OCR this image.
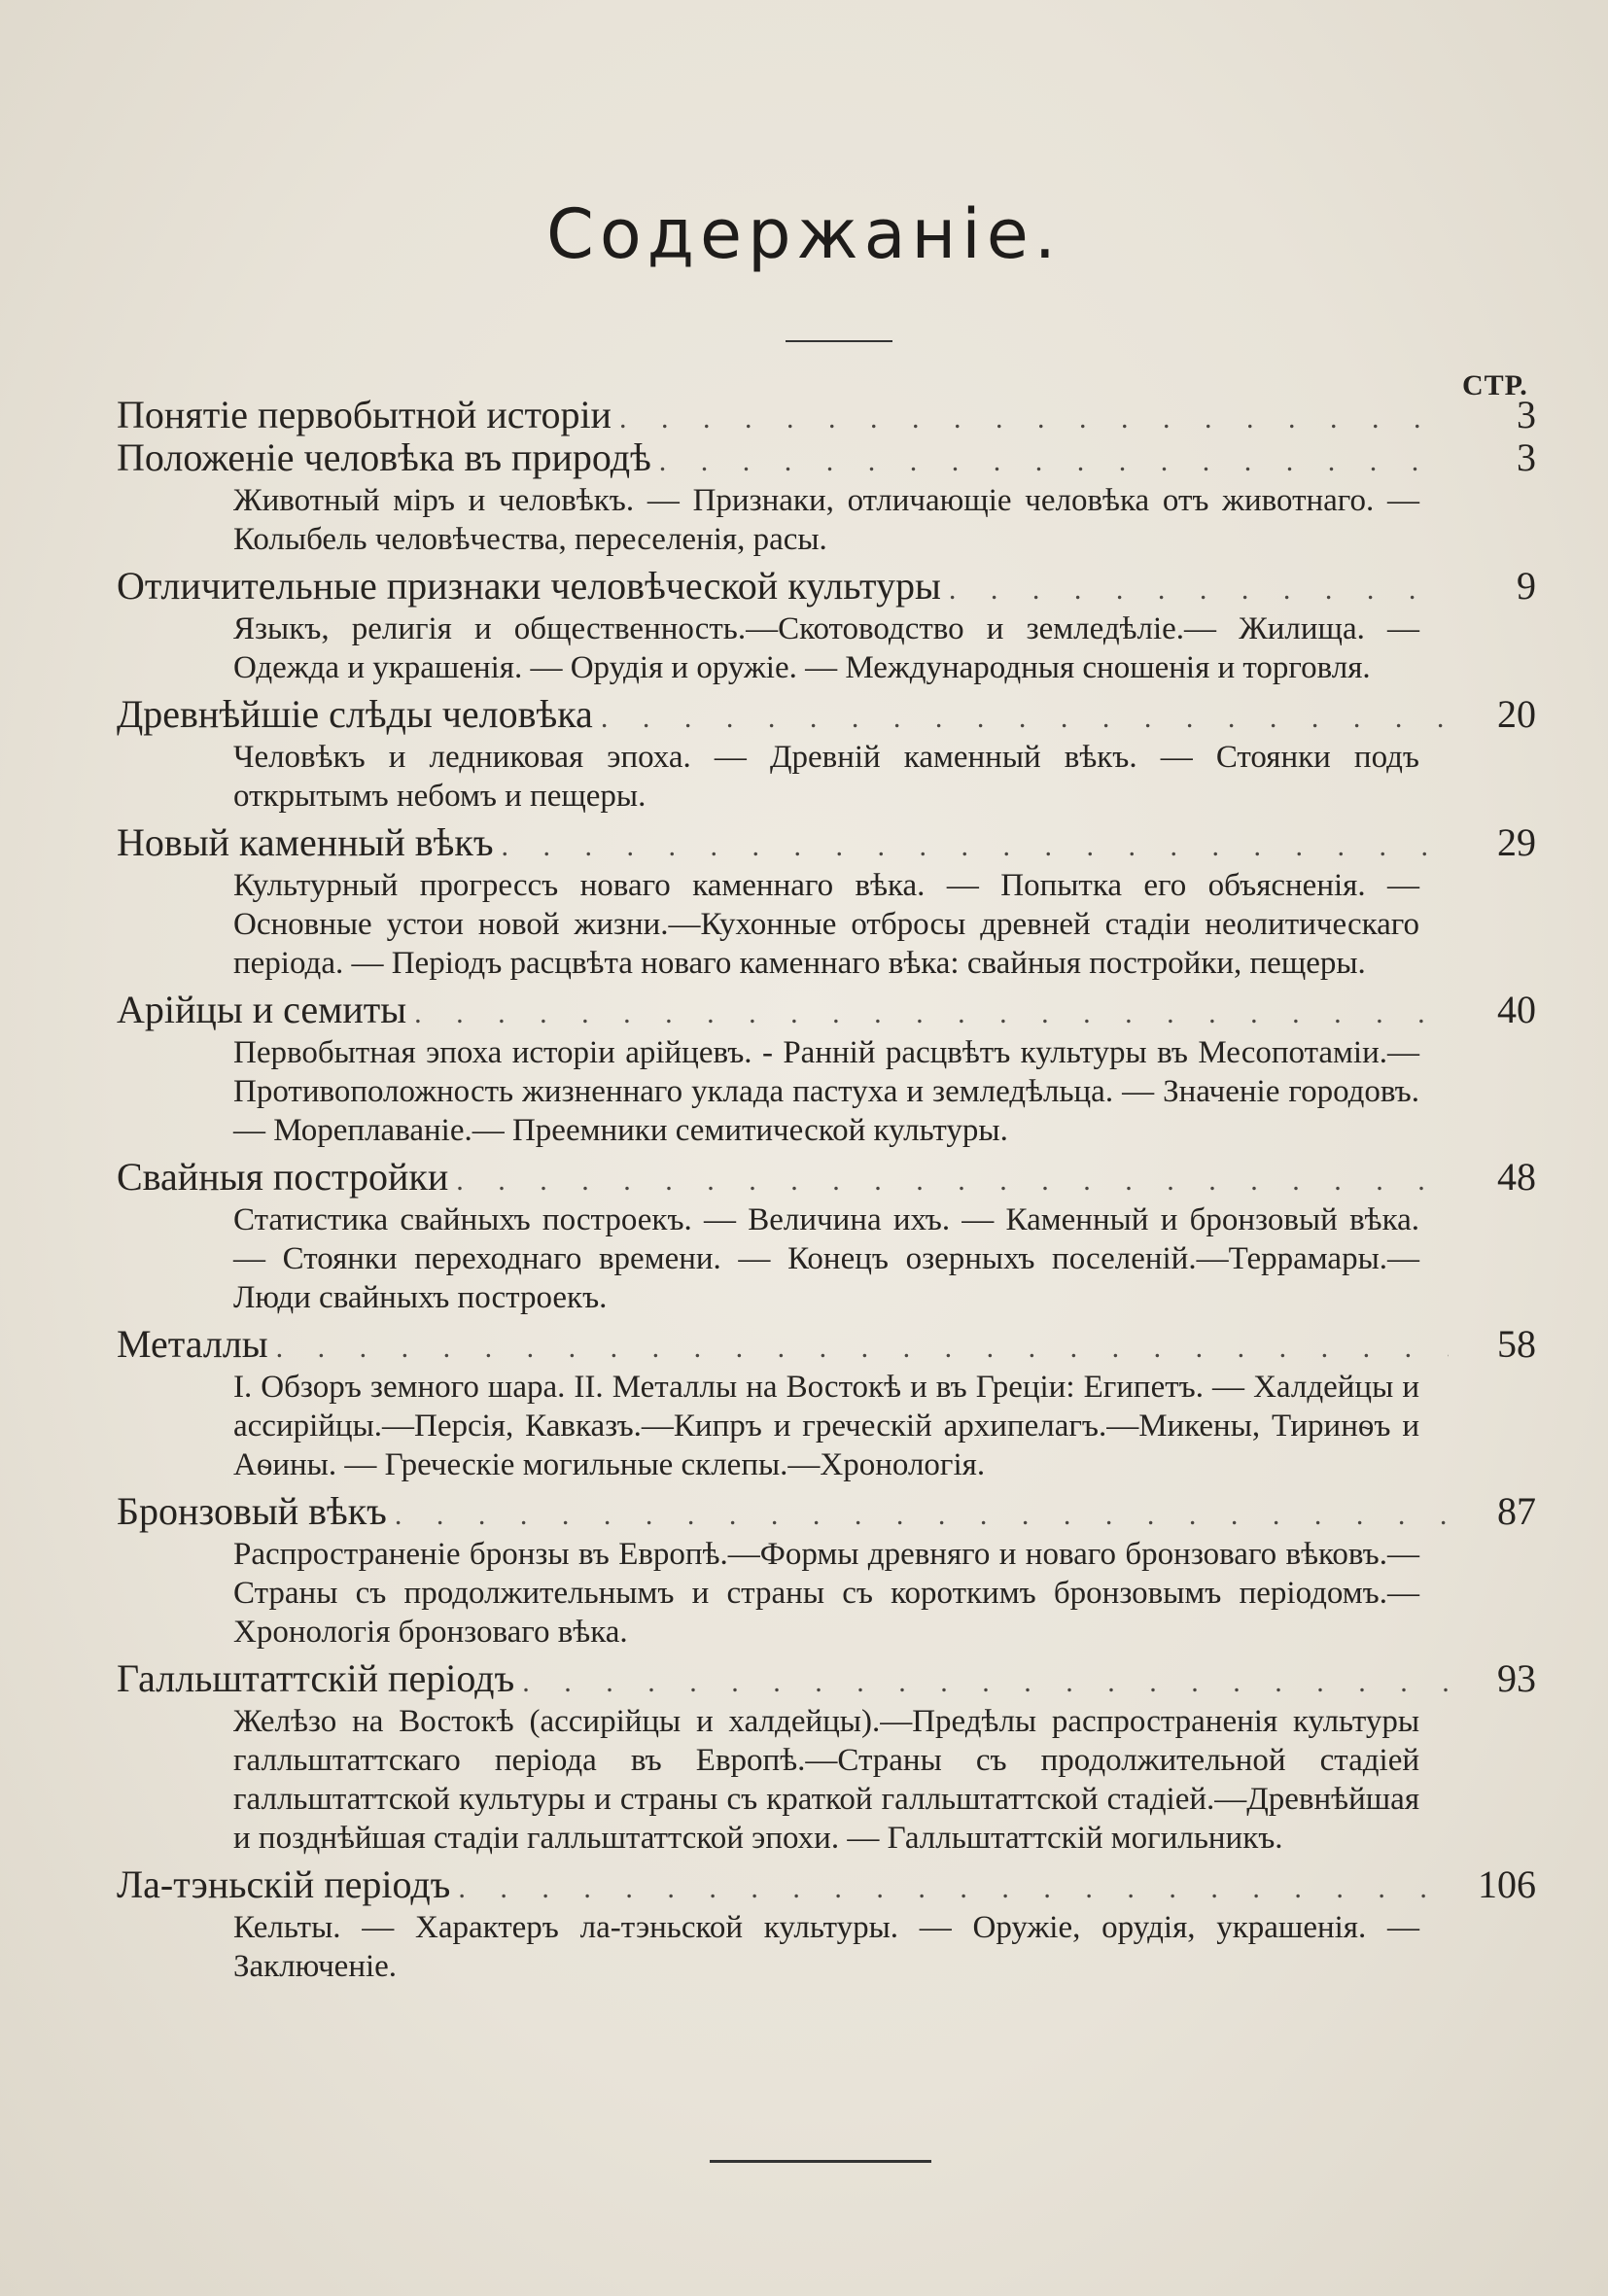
Содержаніе.
СТР.
Понятіе первобытной исторіи . . .	3
Положеніе человѣка въ природѣ . . .	3
Животный міръ и человѣкъ. — Признаки, отличающіе человѣка отъ животнаго. — Колыбель человѣчества, переселенія, расы.
Отличительные признаки человѣческой культуры . . .	9
Языкъ, религія и общественность.—Скотоводство и земледѣліе.— Жилища. — Одежда и украшенія. — Орудія и оружіе. — Международныя сношенія и торговля.
Древнѣйшіе слѣды человѣка . . .	20
Человѣкъ и ледниковая эпоха. — Древній каменный вѣкъ. — Стоянки подъ открытымъ небомъ и пещеры.
Новый каменный вѣкъ . . .	29
Культурный прогрессъ новаго каменнаго вѣка. — Попытка его объясненія. — Основные устои новой жизни.—Кухонные отбросы древней стадіи неолитическаго періода. — Періодъ расцвѣта новаго каменнаго вѣка: свайныя постройки, пещеры.
Арійцы и семиты . . .	40
Первобытная эпоха исторіи арійцевъ. - Ранній расцвѣтъ культуры въ Месопотаміи.—Противоположность жизненнаго уклада пастуха и земледѣльца. — Значеніе городовъ. — Мореплаваніе.— Преемники семитической культуры.
Свайныя постройки . . .	48
Статистика свайныхъ построекъ. — Величина ихъ. — Каменный и бронзовый вѣка. — Стоянки переходнаго времени. — Конецъ озерныхъ поселеній.—Террамары.—Люди свайныхъ построекъ.
Металлы . . .	58
I. Обзоръ земного шара. II. Металлы на Востокѣ и въ Греціи: Египетъ. — Халдейцы и ассирійцы.—Персія, Кавказъ.—Кипръ и греческій архипелагъ.—Микены, Тиринѳъ и Аѳины. — Греческіе могильные склепы.—Хронологія.
Бронзовый вѣкъ . . .	87
Распространеніе бронзы въ Европѣ.—Формы древняго и новаго бронзоваго вѣковъ.—Страны съ продолжительнымъ и страны съ короткимъ бронзовымъ періодомъ.—Хронологія бронзоваго вѣка.
Галльштаттскій періодъ . . .	93
Желѣзо на Востокѣ (ассирійцы и халдейцы).—Предѣлы распространенія культуры галльштаттскаго періода въ Европѣ.—Страны съ продолжительной стадіей галльштаттской культуры и страны съ краткой галльштаттской стадіей.—Древнѣйшая и позднѣйшая стадіи галльштаттской эпохи. — Галльштаттскій могильникъ.
Ла-тэньскій періодъ . . .	106
Кельты. — Характеръ ла-тэньской культуры. — Оружіе, орудія, украшенія. — Заключеніе.
